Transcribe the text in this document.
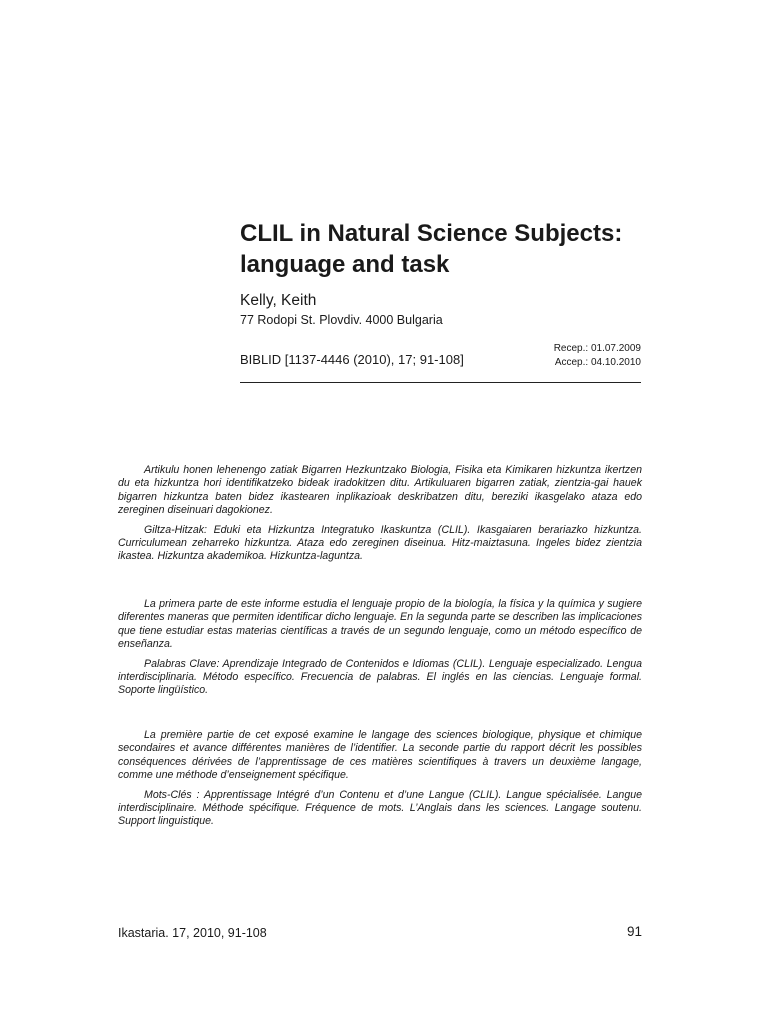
CLIL in Natural Science Subjects: language and task
Kelly, Keith
77 Rodopi St. Plovdiv. 4000 Bulgaria
BIBLID [1137-4446 (2010), 17; 91-108]
Recep.: 01.07.2009
Accep.: 04.10.2010

Artikulu honen lehenengo zatiak Bigarren Hezkuntzako Biologia, Fisika eta Kimikaren hizkuntza ikertzen du eta hizkuntza hori identifikatzeko bideak iradokitzen ditu. Artikuluaren bigarren zatiak, zientzia-gai hauek bigarren hizkuntza baten bidez ikastearen inplikazioak deskribatzen ditu, bereziki ikasgelako ataza edo zereginen diseinuari dagokionez.

Giltza-Hitzak: Eduki eta Hizkuntza Integratuko Ikaskuntza (CLIL). Ikasgaiaren berariazko hizkuntza. Curriculumean zeharreko hizkuntza. Ataza edo zereginen diseinua. Hitz-maiztasuna. Ingeles bidez zientzia ikastea. Hizkuntza akademikoa. Hizkuntza-laguntza.

La primera parte de este informe estudia el lenguaje propio de la biología, la física y la química y sugiere diferentes maneras que permiten identificar dicho lenguaje. En la segunda parte se describen las implicaciones que tiene estudiar estas materias científicas a través de un segundo lenguaje, como un método específico de enseñanza.

Palabras Clave: Aprendizaje Integrado de Contenidos e Idiomas (CLIL). Lenguaje especializado. Lengua interdisciplinaria. Método específico. Frecuencia de palabras. El inglés en las ciencias. Lenguaje formal. Soporte lingüístico.

La première partie de cet exposé examine le langage des sciences biologique, physique et chimique secondaires et avance différentes manières de l’identifier. La seconde partie du rapport décrit les possibles conséquences dérivées de l’apprentissage de ces matières scientifiques à travers un deuxième langage, comme une méthode d’enseignement spécifique.

Mots-Clés : Apprentissage Intégré d’un Contenu et d’une Langue (CLIL). Langue spécialisée. Langue interdisciplinaire. Méthode spécifique. Fréquence de mots. L’Anglais dans les sciences. Langage soutenu. Support linguistique.

Ikastaria. 17, 2010, 91-108	91
